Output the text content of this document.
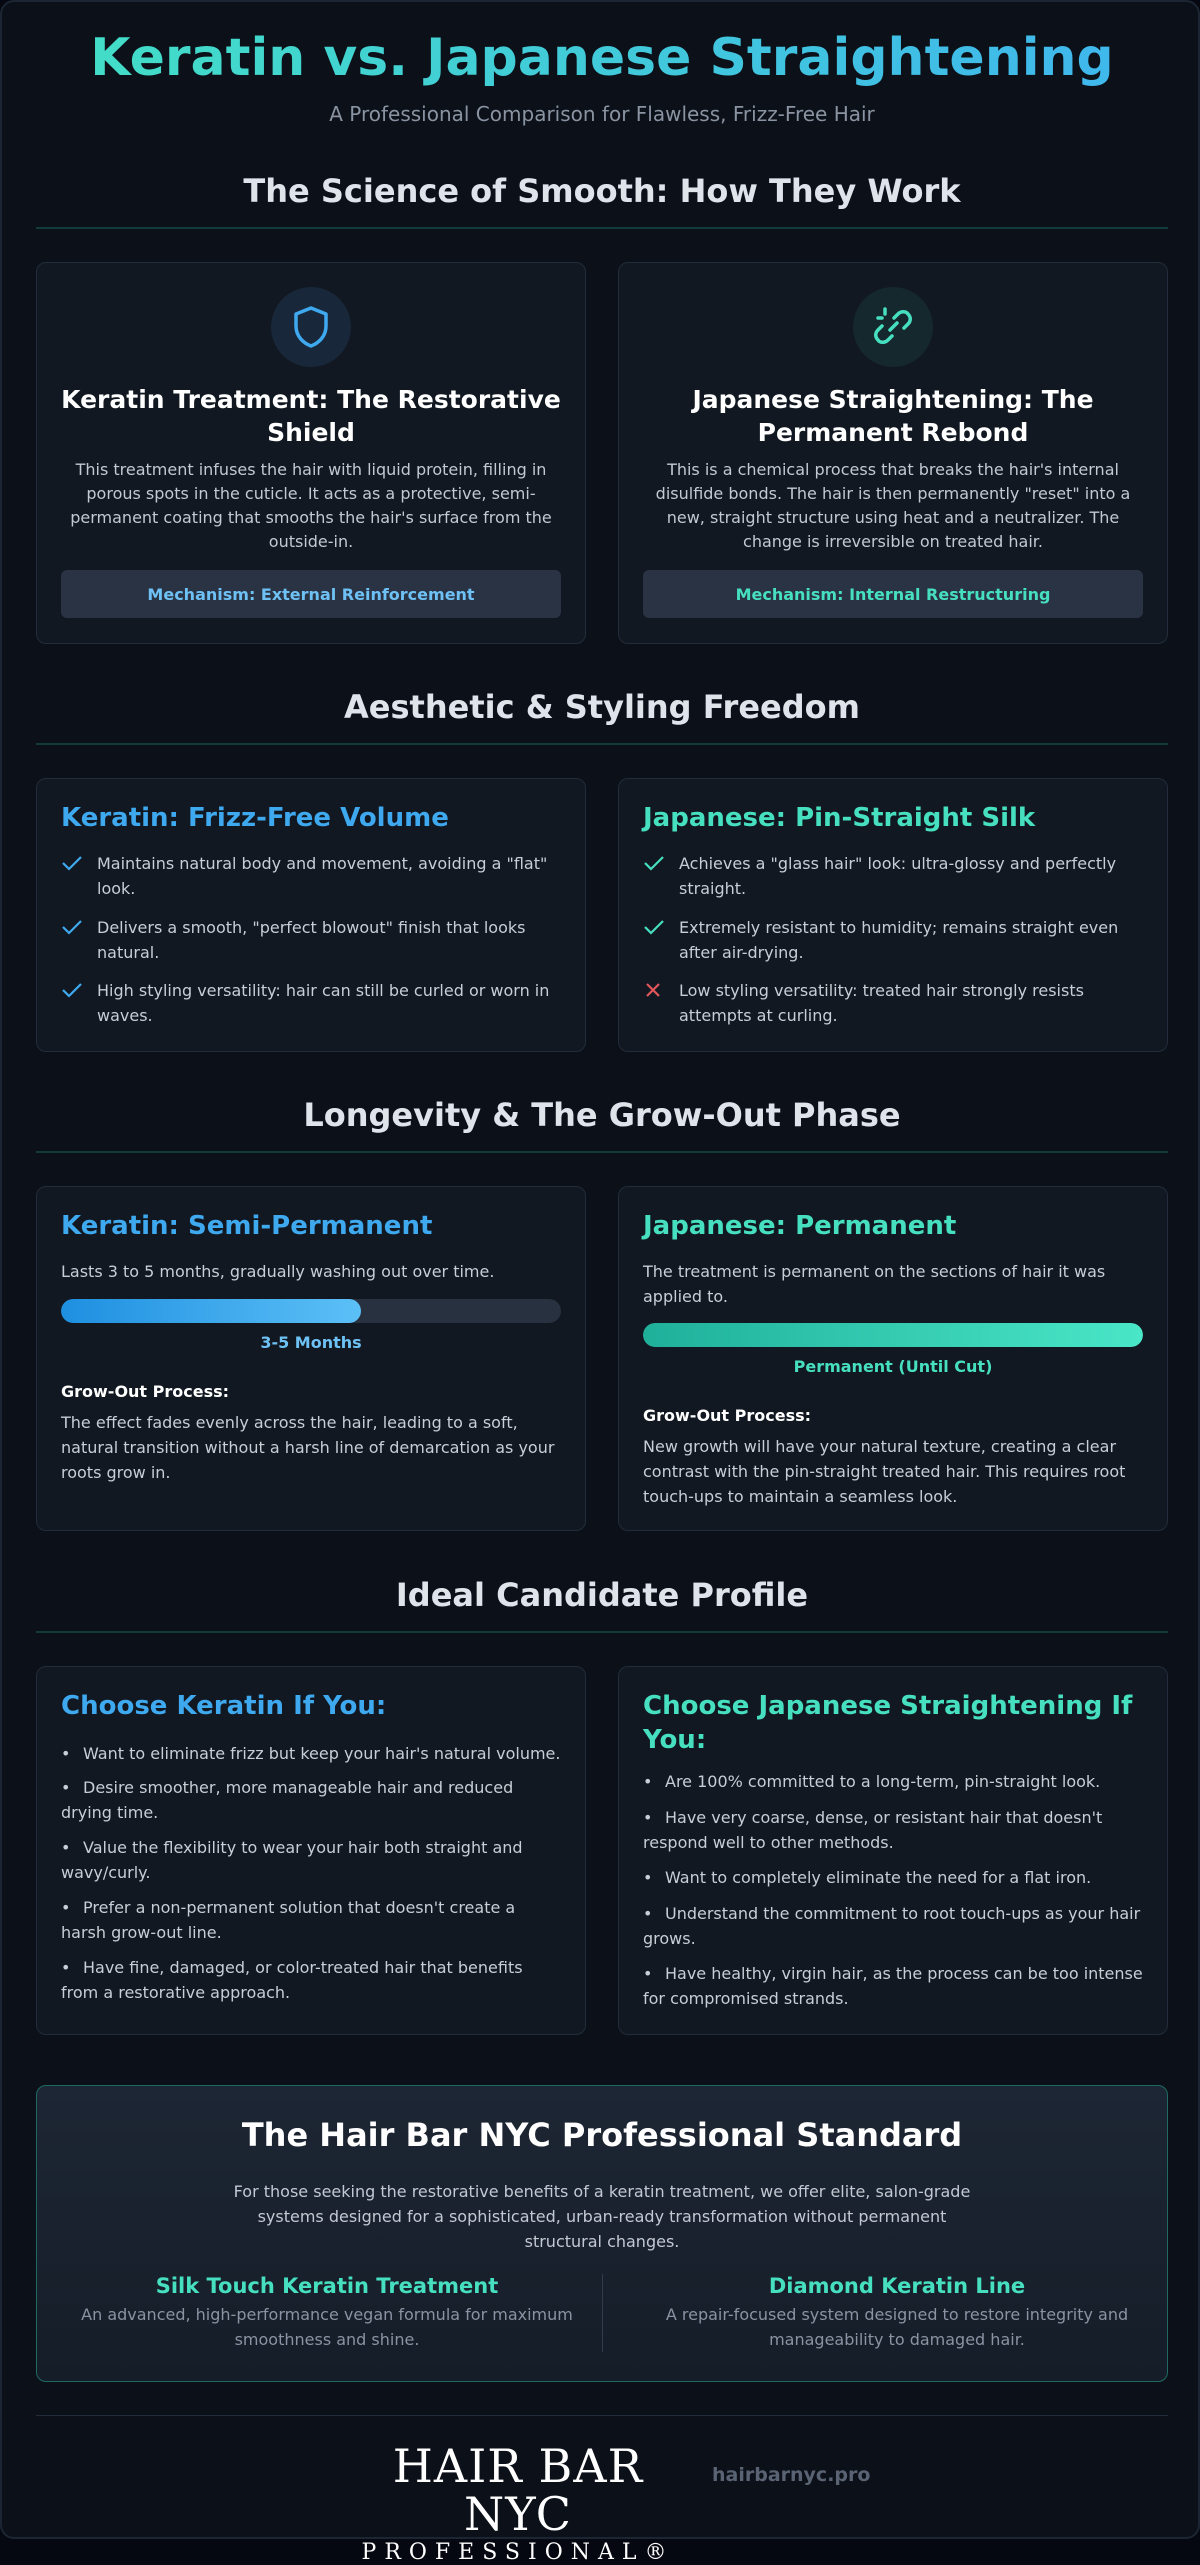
Keratin vs. Japanese Straightening
A Professional Comparison for Flawless, Frizz-Free Hair
The Science of Smooth: How They Work
Keratin Treatment: The Restorative Shield
This treatment infuses the hair with liquid protein, filling in porous spots in the cuticle. It acts as a protective, semi-permanent coating that smooths the hair's surface from the outside-in.
Mechanism: External Reinforcement
Japanese Straightening: The Permanent Rebond
This is a chemical process that breaks the hair's internal disulfide bonds. The hair is then permanently "reset" into a new, straight structure using heat and a neutralizer. The change is irreversible on treated hair.
Mechanism: Internal Restructuring
Aesthetic & Styling Freedom
Keratin: Frizz-Free Volume
Maintains natural body and movement, avoiding a "flat" look.
Delivers a smooth, "perfect blowout" finish that looks natural.
High styling versatility: hair can still be curled or worn in waves.
Japanese: Pin-Straight Silk
Achieves a "glass hair" look: ultra-glossy and perfectly straight.
Extremely resistant to humidity; remains straight even after air-drying.
Low styling versatility: treated hair strongly resists attempts at curling.
Longevity & The Grow-Out Phase
Keratin: Semi-Permanent
Lasts 3 to 5 months, gradually washing out over time.
3-5 Months
Grow-Out Process:
The effect fades evenly across the hair, leading to a soft, natural transition without a harsh line of demarcation as your roots grow in.
Japanese: Permanent
The treatment is permanent on the sections of hair it was applied to.
Permanent (Until Cut)
Grow-Out Process:
New growth will have your natural texture, creating a clear contrast with the pin-straight treated hair. This requires root touch-ups to maintain a seamless look.
Ideal Candidate Profile
Choose Keratin If You:
• Want to eliminate frizz but keep your hair's natural volume.
• Desire smoother, more manageable hair and reduced drying time.
• Value the flexibility to wear your hair both straight and wavy/curly.
• Prefer a non-permanent solution that doesn't create a harsh grow-out line.
• Have fine, damaged, or color-treated hair that benefits from a restorative approach.
Choose Japanese Straightening If You:
• Are 100% committed to a long-term, pin-straight look.
• Have very coarse, dense, or resistant hair that doesn't respond well to other methods.
• Want to completely eliminate the need for a flat iron.
• Understand the commitment to root touch-ups as your hair grows.
• Have healthy, virgin hair, as the process can be too intense for compromised strands.
The Hair Bar NYC Professional Standard
For those seeking the restorative benefits of a keratin treatment, we offer elite, salon-grade systems designed for a sophisticated, urban-ready transformation without permanent structural changes.
Silk Touch Keratin Treatment
An advanced, high-performance vegan formula for maximum smoothness and shine.
Diamond Keratin Line
A repair-focused system designed to restore integrity and manageability to damaged hair.
HAIR BAR NYC
PROFESSIONAL®
hairbarnyc.pro
